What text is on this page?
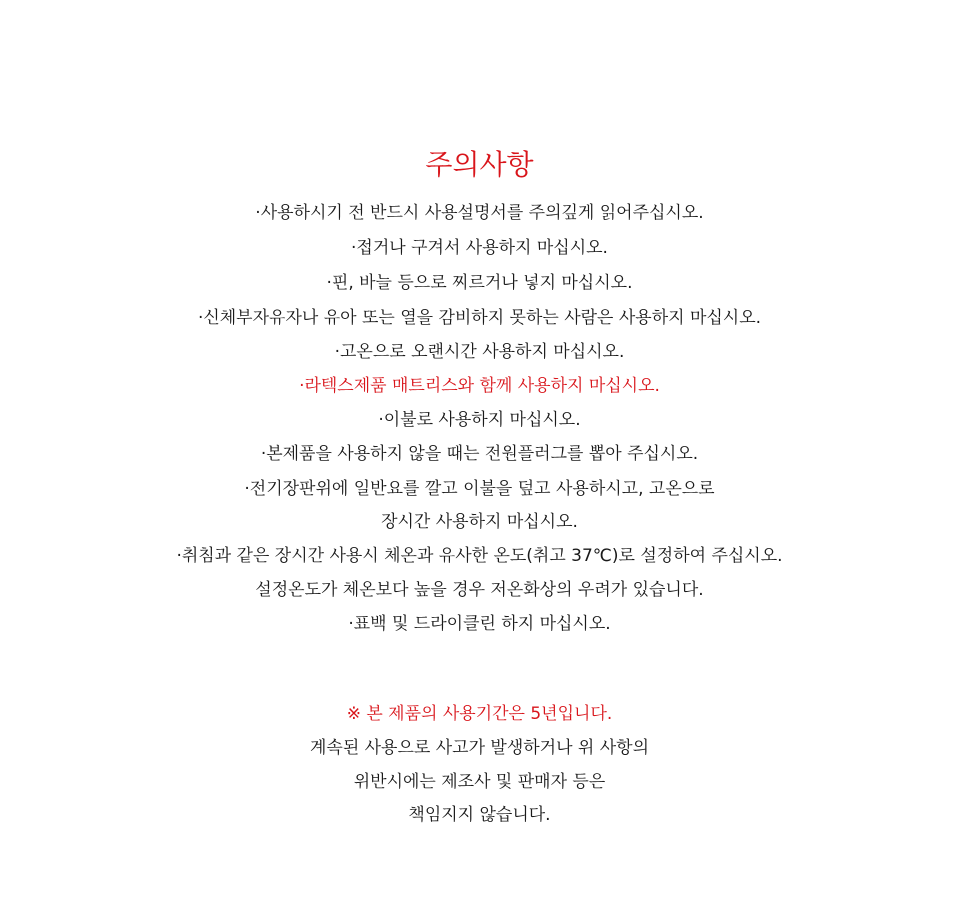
주의사항

·사용하시기 전 반드시 사용설명서를 주의깊게 읽어주십시오.

·접거나 구겨서 사용하지 마십시오.

·핀, 바늘 등으로 찌르거나 넣지 마십시오.

·신체부자유자나 유아 또는 열을 감비하지 못하는 사람은 사용하지 마십시오.

·고온으로 오랜시간 사용하지 마십시오.

·라텍스제품 매트리스와 함께 사용하지 마십시오.

·이불로 사용하지 마십시오.

·본제품을 사용하지 않을 때는 전원플러그를 뽑아 주십시오.

·전기장판위에 일반요를 깔고 이불을 덮고 사용하시고, 고온으로

장시간 사용하지 마십시오.

·취침과 같은 장시간 사용시 체온과 유사한 온도(취고 37℃)로 설정하여 주십시오.

설정온도가 체온보다 높을 경우 저온화상의 우려가 있습니다.

·표백 및 드라이클린 하지 마십시오.

※ 본 제품의 사용기간은 5년입니다.

계속된 사용으로 사고가 발생하거나 위 사항의

위반시에는 제조사 및 판매자 등은

책임지지 않습니다.
